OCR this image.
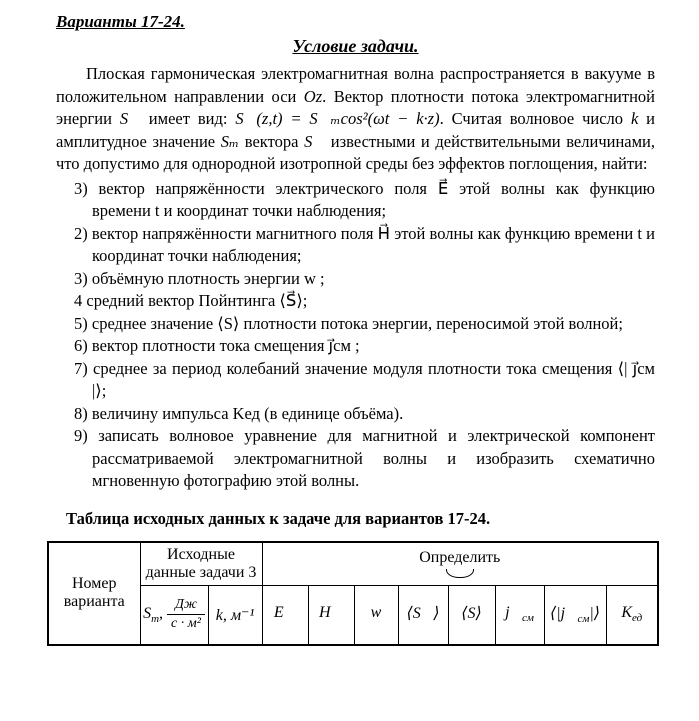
Варианты 17-24.
Условие задачи.

Плоская гармоническая электромагнитная волна распространяется в вакууме в положительном направлении оси Oz. Вектор плотности потока электромагнитной энергии S⃗ имеет вид: S⃗(z,t) = S⃗ₘcos²(ωt − k·z). Считая волновое число k и амплитудное значение Sₘ вектора S⃗ известными и действительными величинами, что допустимо для однородной изотропной среды без эффектов поглощения, найти:

3) вектор напряжённости электрического поля E⃗ этой волны как функцию времени t и координат точки наблюдения;
2) вектор напряжённости магнитного поля H⃗ этой волны как функцию времени t и координат точки наблюдения;
3) объёмную плотность энергии w ;
4 средний вектор Пойнтинга ⟨S⃗⟩;
5) среднее значение ⟨S⟩ плотности потока энергии, переносимой этой волной;
6) вектор плотности тока смещения j⃗см ;
7) среднее за период колебаний значение модуля плотности тока смещения ⟨| j⃗см |⟩;
8) величину импульса Kед (в единице объёма).
9) записать волновое уравнение для магнитной и электрической компонент рассматриваемой электромагнитной волны и изобразить схематично мгновенную фотографию этой волны.
Таблица исходных данных к задаче для вариантов 17-24.
Номер варианта	Исходные данные задачи 3		Определить							

	$S_m$, $\frac{Дж}{\text{с · м²}}$	k, м⁻¹	E⃗	H⃗	w	⟨S⃗⟩	⟨S⟩	$j⃗_{см}$	$⟨|j⃗_{см}|⟩$	$K_{ед}$
